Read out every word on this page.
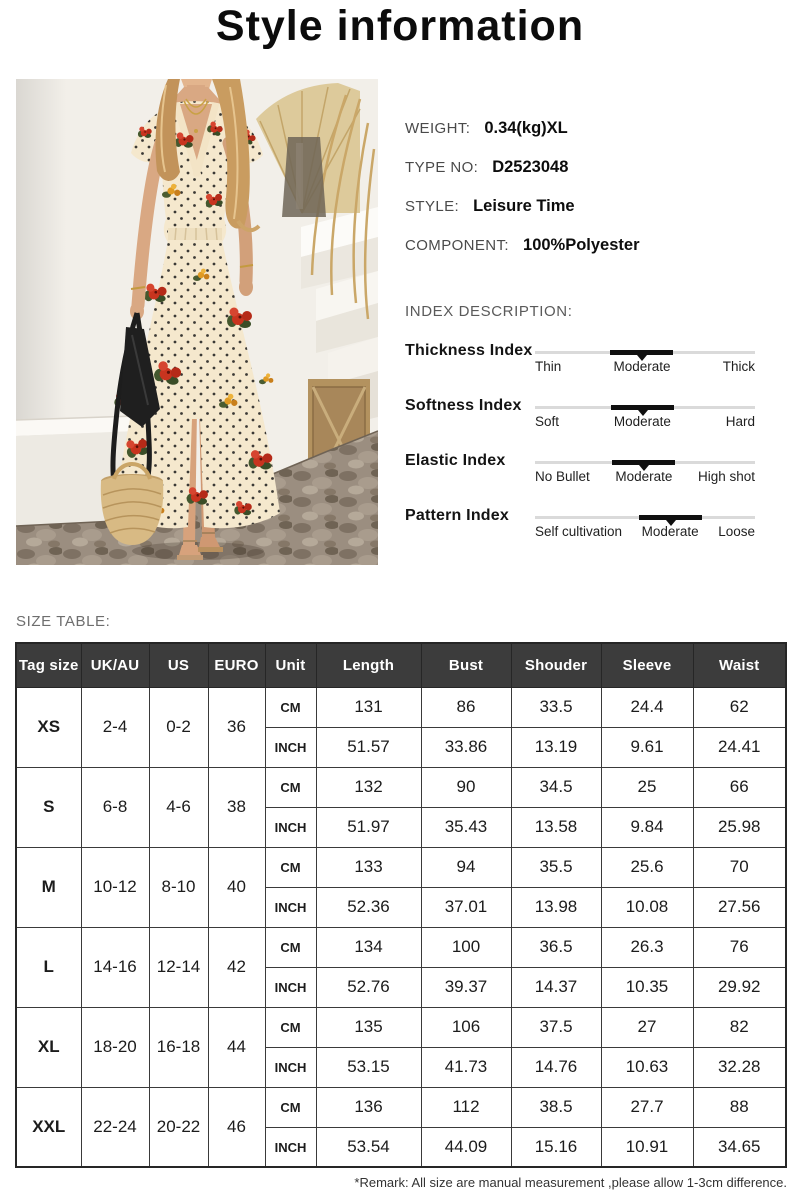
Style information
WEIGHT: 0.34(kg)XL
TYPE NO: D2523048
STYLE: Leisure Time
COMPONENT: 100%Polyester
INDEX DESCRIPTION:
Thickness Index
Thin	Moderate	Thick
Softness Index
Soft	Moderate	Hard
Elastic Index
No Bullet Moderate High shot
Pattern Index
Self cultivation Moderate Loose
SIZE TABLE:
Tag size	UK/AU	US	EURO	Unit	Length	Bust	Shouder	Sleeve	Waist
XS	2-4	0-2	36	CM	131	86	33.5	24.4	62
				INCH	51.57	33.86	13.19	9.61	24.41
S	6-8	4-6	38	CM	132	90	34.5	25	66
				INCH	51.97	35.43	13.58	9.84	25.98
M	10-12	8-10	40	CM	133	94	35.5	25.6	70
				INCH	52.36	37.01	13.98	10.08	27.56
L	14-16	12-14	42	CM	134	100	36.5	26.3	76
				INCH	52.76	39.37	14.37	10.35	29.92
XL	18-20	16-18	44	CM	135	106	37.5	27	82
				INCH	53.15	41.73	14.76	10.63	32.28
XXL	22-24	20-22	46	CM	136	112	38.5	27.7	88
				INCH	53.54	44.09	15.16	10.91	34.65
*Remark: All size are manual measurement ,please allow 1-3cm difference.
